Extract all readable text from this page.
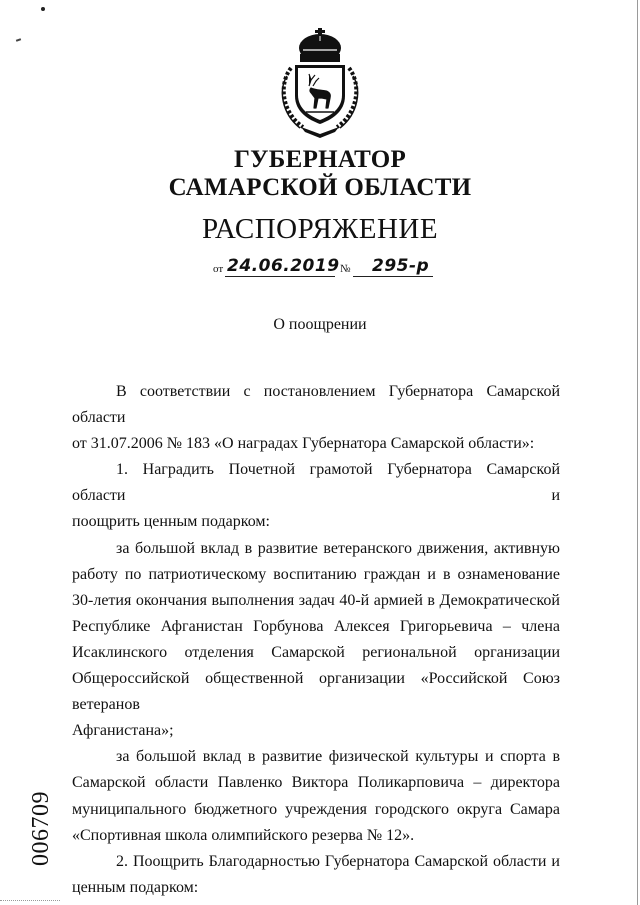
ГУБЕРНАТОР
САМАРСКОЙ ОБЛАСТИ
РАСПОРЯЖЕНИЕ
от 24.06.2019 № 295-р
О поощрении

В соответствии с постановлением Губернатора Самарской области

от 31.07.2006 № 183 «О наградах Губернатора Самарской области»:

1. Наградить Почетной грамотой Губернатора Самарской области и

поощрить ценным подарком:

за большой вклад в развитие ветеранского движения, активную

работу по патриотическому воспитанию граждан и в ознаменование

30-летия окончания выполнения задач 40-й армией в Демократической

Республике Афганистан Горбунова Алексея Григорьевича – члена

Исаклинского отделения Самарской региональной организации

Общероссийской общественной организации «Российской Союз ветеранов

Афганистана»;

за большой вклад в развитие физической культуры и спорта в

Самарской области Павленко Виктора Поликарповича – директора

муниципального бюджетного учреждения городского округа Самара

«Спортивная школа олимпийского резерва № 12».

2. Поощрить Благодарностью Губернатора Самарской области и

ценным подарком:

006709
